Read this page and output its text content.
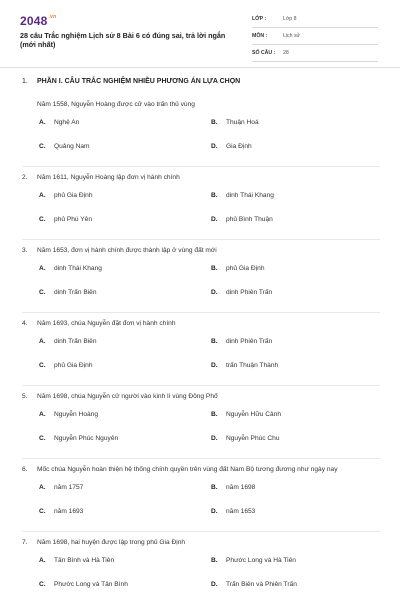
$2048^{.vn}$
28 câu Trắc nghiệm Lịch sử 8 Bài 6 có đúng sai, trả lời ngắn (mới nhất)
LỚP :	Lớp 8
MÔN :	Lịch sử
SỐ CÂU : 28
1.	PHẦN I. CÂU TRẮC NGHIỆM NHIỀU PHƯƠNG ÁN LỰA CHỌN
Năm 1558, Nguyễn Hoàng được cử vào trấn thủ vùng
A.	Nghệ An	B.	Thuận Hoá
C.	Quảng Nam	D.	Gia Định
2.	Năm 1611, Nguyễn Hoàng lập đơn vị hành chính
A.	phủ Gia Định	B.	dinh Thái Khang
C.	phủ Phú Yên	D.	phủ Bình Thuận
3.	Năm 1653, đơn vị hành chính được thành lập ở vùng đất mới
A.	dinh Thái Khang	B.	phủ Gia Định
C.	dinh Trấn Biên	D.	dinh Phiên Trấn
4.	Năm 1693, chúa Nguyễn đặt đơn vị hành chính
A.	dinh Trấn Biên	B.	dinh Phiên Trấn
C.	phủ Gia Định	D.	trấn Thuận Thành
5.	Năm 1698, chúa Nguyễn cử người vào kinh lí vùng Đông Phố
A.	Nguyễn Hoàng	B.	Nguyễn Hữu Cảnh
C.	Nguyễn Phúc Nguyên	D.	Nguyễn Phúc Chu
6.	Mốc chúa Nguyễn hoàn thiện hệ thống chính quyền trên vùng đất Nam Bộ tương đương như ngày nay
A.	năm 1757	B.	năm 1698
C.	năm 1693	D.	năm 1653
7.	Năm 1698, hai huyện được lập trong phủ Gia Định
A.	Tân Bình và Hà Tiên	B.	Phước Long và Hà Tiên
C.	Phước Long và Tân Bình	D.	Trấn Biên và Phiên Trấn
